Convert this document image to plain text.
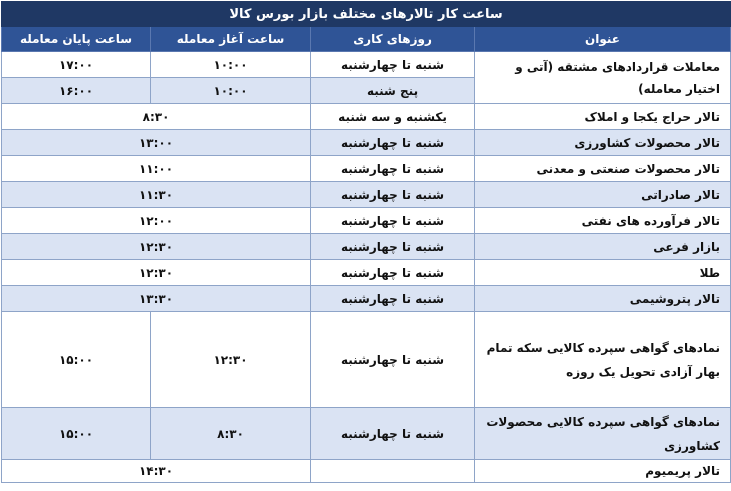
ساعت کار تالارهای مختلف بازار بورس کالا			
عنوان	روزهای کاری	ساعت آغاز معامله	ساعت پایان معامله
معاملات قراردادهای مشتقه (آتی و اختیار معامله)	شنبه تا چهارشنبه	۱۰:۰۰	۱۷:۰۰
	پنج شنبه	۱۰:۰۰	۱۶:۰۰
تالار حراج یکجا و املاک	یکشنبه و سه شنبه	۸:۳۰	
تالار محصولات کشاورزی	شنبه تا چهارشنبه	۱۳:۰۰	
تالار محصولات صنعتی و معدنی	شنبه تا چهارشنبه	۱۱:۰۰	
تالار صادراتی	شنبه تا چهارشنبه	۱۱:۳۰	
تالار فرآورده های نفتی	شنبه تا چهارشنبه	۱۲:۰۰	
بازار فرعی	شنبه تا چهارشنبه	۱۲:۳۰	
طلا	شنبه تا چهارشنبه	۱۲:۳۰	
تالار پتروشیمی	شنبه تا چهارشنبه	۱۳:۳۰	
نمادهای گواهی سپرده کالایی سکه تمام بهار آزادی تحویل یک روزه	شنبه تا چهارشنبه	۱۲:۳۰	۱۵:۰۰
نمادهای گواهی سپرده کالایی محصولات کشاورزی	شنبه تا چهارشنبه	۸:۳۰	۱۵:۰۰
تالار پریمیوم		۱۴:۳۰	
